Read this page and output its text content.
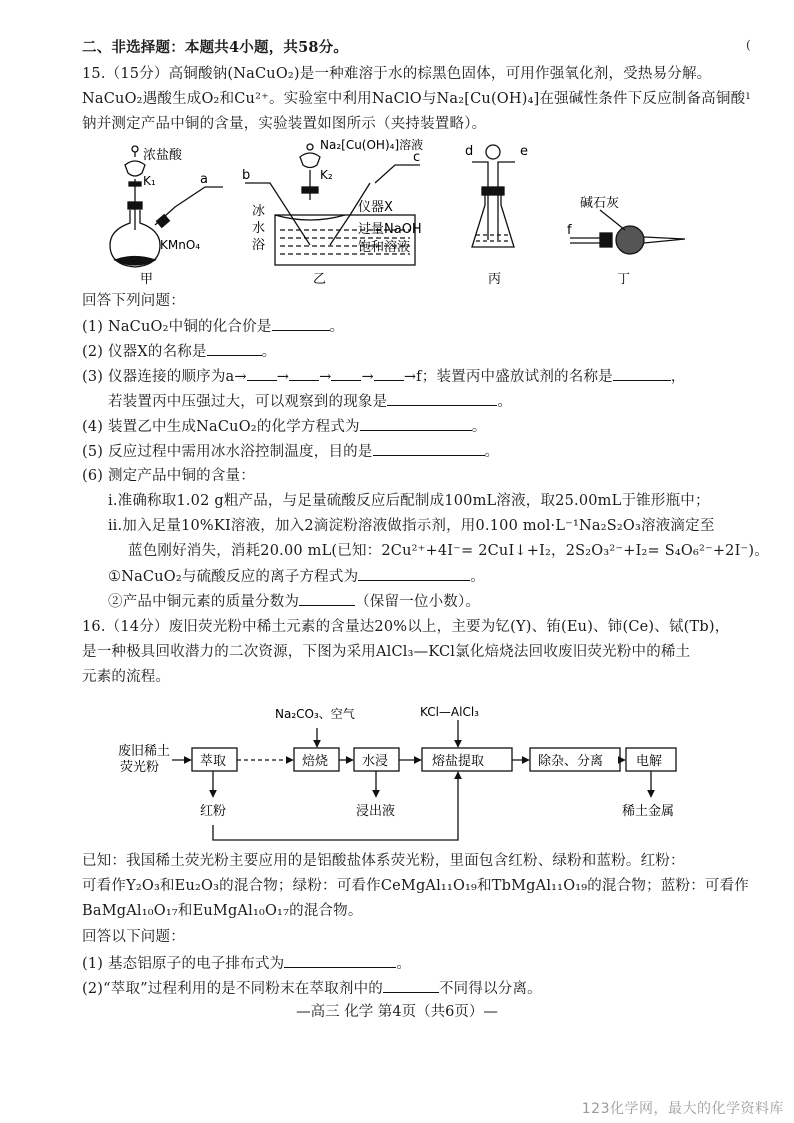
二、非选择题：本题共4小题，共58分。	(
ı
15.（15分）高铜酸钠(NaCuO₂)是一种难溶于水的棕黑色固体，可用作强氧化剂，受热易分解。
NaCuO₂遇酸生成O₂和Cu²⁺。实验室中利用NaClO与Na₂[Cu(OH)₄]在强碱性条件下反应制备高铜酸
钠并测定产品中铜的含量，实验装置如图所示（夹持装置略）。
浓盐酸
K₁	a
KMnO₄
甲
Na₂[Cu(OH)₄]溶液
K₂
b
c
冰
水
浴
仪器X
过量NaOH
饱和溶液
乙
d	e
丙
碱石灰
f
丁
回答下列问题：
(1) NaCuO₂中铜的化合价是	。
(2) 仪器X的名称是	。
(3) 仪器连接的顺序为a→ → → → →f；装置丙中盛放试剂的名称是	，
若装置丙中压强过大，可以观察到的现象是	。
(4) 装置乙中生成NaCuO₂的化学方程式为	。
(5) 反应过程中需用冰水浴控制温度，目的是	。
(6) 测定产品中铜的含量：
ⅰ.准确称取1.02 g粗产品，与足量硫酸反应后配制成100mL溶液，取25.00mL于锥形瓶中；
ⅱ.加入足量10%KI溶液，加入2滴淀粉溶液做指示剂，用0.100 mol·L⁻¹Na₂S₂O₃溶液滴定至
蓝色刚好消失，消耗20.00 mL(已知：2Cu²⁺+4I⁻= 2CuI↓+I₂，2S₂O₃²⁻+I₂= S₄O₆²⁻+2I⁻)。
①NaCuO₂与硫酸反应的离子方程式为	。
②产品中铜元素的质量分数为	（保留一位小数）。
16.（14分）废旧荧光粉中稀土元素的含量达20%以上，主要为钇(Y)、铕(Eu)、铈(Ce)、铽(Tb)，
是一种极具回收潜力的二次资源，下图为采用AlCl₃—KCl氯化焙烧法回收废旧荧光粉中的稀土
元素的流程。
废旧稀土
荧光粉	萃取	焙烧	水浸	熔盐提取	除杂、分离	电解
Na₂CO₃、空气	KCl—AlCl₃
红粉	浸出液	稀土金属
已知：我国稀土荧光粉主要应用的是铝酸盐体系荧光粉，里面包含红粉、绿粉和蓝粉。红粉：
可看作Y₂O₃和Eu₂O₃的混合物；绿粉：可看作CeMgAl₁₁O₁₉和TbMgAl₁₁O₁₉的混合物；蓝粉：可看作
BaMgAl₁₀O₁₇和EuMgAl₁₀O₁₇的混合物。
回答以下问题：
(1) 基态铝原子的电子排布式为	。
(2)“萃取”过程利用的是不同粉末在萃取剂中的	不同得以分离。
—高三 化学 第4页（共6页）—
123化学网，最大的化学资料库
